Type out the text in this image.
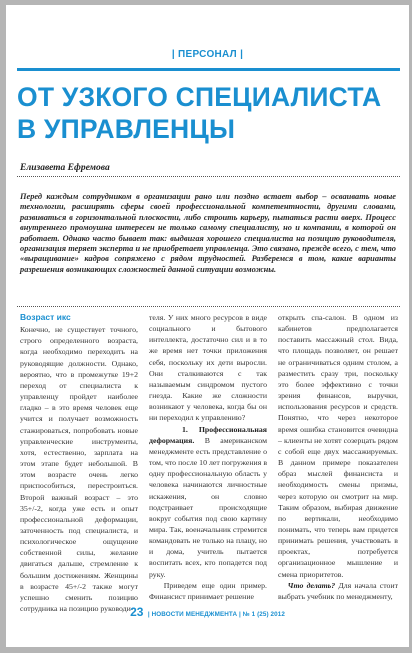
| ПЕРСОНАЛ |
ОТ УЗКОГО СПЕЦИАЛИСТА
В УПРАВЛЕНЦЫ
Елизавета Ефремова
Перед каждым сотрудником в организации рано или поздно встает выбор – осваивать новые технологии, расширять сферы своей профессиональной компетентности, другими словами, развиваться в горизонтальной плоскости, либо строить карьеру, пытаться расти вверх. Процесс внутреннего промоушна интересен не только самому специалисту, но и компании, в которой он работает. Однако часто бывает так: выдвигая хорошего специалиста на позицию руководителя, организация теряет эксперта и не приобретает управленца. Это связано, прежде всего, с тем, что «выращивание» кадров сопряжено с рядом трудностей. Разберемся в том, какие варианты разрешения возникающих сложностей данной ситуации возможны.
Возраст икс

Конечно, не существует точного, строго определенного возраста, когда необходимо переходить на руководящие должности. Однако, вероятно, что в промежутке 19+2 переход от специалиста к управленцу пройдет наиболее гладко – в это время человек еще учится и получает возможность стажироваться, попробовать новые управленческие инструменты, хотя, естественно, зарплата на этом этапе будет небольшой. В этом возрасте очень легко приспособиться, перестроиться. Второй важный возраст – это 35+/-2, когда уже есть и опыт профессиональной деформации, заточенность под специалиста, и психологическое ощущение собственной силы, желание двигаться дальше, стремление к большим достижениям. Женщины в возрасте 45+/-2 также могут успешно сменить позицию сотрудника на позицию руководи-

теля. У них много ресурсов в виде социального и бытового интеллекта, достаточно сил и в то же время нет точки приложения себя, поскольку их дети выросли. Они сталкиваются с так называемым синдромом пустого гнезда. Какие же сложности возникают у человека, когда бы он ни переходил к управлению?

1. Профессиональная деформация. В американском менеджменте есть представление о том, что после 10 лет погружения в одну профессиональную область у человека начинаются личностные искажения, он словно подстраивает происходящие вокруг события под свою картину мира. Так, военачальник стремится командовать не только на плацу, но и дома, учитель пытается воспитать всех, кто попадется под руку.

Приведем еще один пример. Финансист принимает решение

открыть спа-салон. В одном из кабинетов предполагается поставить массажный стол. Вида, что площадь позволяет, он решает не ограничиваться одним столом, а разместить сразу три, поскольку это более эффективно с точки зрения финансов, выручки, использования ресурсов и средств. Понятно, что через некоторое время ошибка становится очевидна – клиенты не хотят созерцать рядом с собой еще двух массажируемых. В данном примере показателен образ мыслей финансиста и необходимость смены призмы, через которую он смотрит на мир. Таким образом, выбирая движение по вертикали, необходимо понимать, что теперь вам придется принимать решения, участвовать в проектах, потребуется организационное мышление и смена приоритетов.

Что делать? Для начала стоит выбрать учебник по менеджменту,

23 | НОВОСТИ МЕНЕДЖМЕНТА | № 1 (25) 2012
